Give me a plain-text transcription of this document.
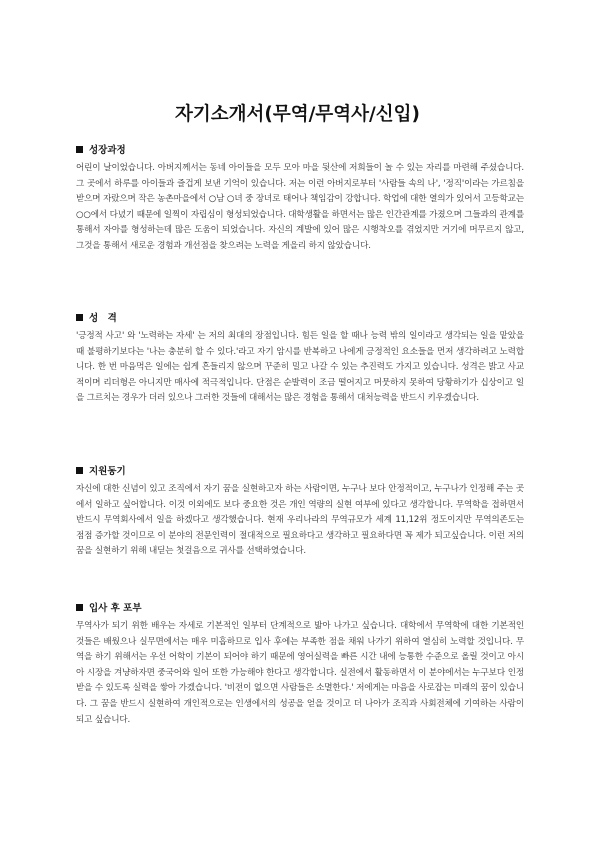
자기소개서(무역/무역사/신입)
성장과정
어린이 날이었습니다. 아버지께서는 동네 아이들을 모두 모아 마을 뒷산에 저희들이 놀 수 있는 자리를 마련해 주셨습니다. 그 곳에서 하루를 아이들과 즐겁게 보낸 기억이 있습니다. 저는 이런 아버지로부터 '사람들 속의 나', '정직'이라는 가르침을 받으며 자랐으며 작은 농촌마을에서 ○남 ○녀 중 장녀로 태어나 책임감이 강합니다. 학업에 대한 열의가 있어서 고등학교는 ○○에서 다녔기 때문에 일찍이 자립심이 형성되었습니다. 대학생활을 하면서는 많은 인간관계를 가졌으며 그들과의 관계를 통해서 자아를 형성하는데 많은 도움이 되었습니다. 자신의 계발에 있어 많은 시행착오를 겪었지만 거기에 머무르지 않고, 그것을 통해서 새로운 경험과 개선점을 찾으려는 노력을 게을리 하지 않았습니다.
성　격
'긍정적 사고' 와 '노력하는 자세' 는 저의 최대의 장점입니다. 힘든 일을 할 때나 능력 밖의 일이라고 생각되는 일을 맡았을 때 불평하기보다는 '나는 충분히 할 수 있다.'라고 자기 암시를 반복하고 나에게 긍정적인 요소들을 먼저 생각하려고 노력합니다. 한 번 마음먹은 일에는 쉽게 흔들리지 않으며 꾸준히 밀고 나갈 수 있는 추진력도 가지고 있습니다. 성격은 밝고 사교적이며 리더형은 아니지만 매사에 적극적입니다. 단점은 순발력이 조금 떨어지고 머뭇하지 못하여 당황하기가 십상이고 일을 그르치는 경우가 더러 있으나 그러한 것들에 대해서는 많은 경험을 통해서 대처능력을 반드시 키우겠습니다.
지원동기
자신에 대한 신념이 있고 조직에서 자기 꿈을 실현하고자 하는 사람이면, 누구나 보다 안정적이고, 누구나가 인정해 주는 곳에서 일하고 싶어합니다. 이것 이외에도 보다 중요한 것은 개인 역량의 실현 여부에 있다고 생각합니다. 무역학을 접하면서 반드시 무역회사에서 일을 하겠다고 생각했습니다. 현재 우리나라의 무역규모가 세계 11,12위 정도이지만 무역의존도는 점점 증가할 것이므로 이 분야의 전문인력이 절대적으로 필요하다고 생각하고 필요하다면 꼭 제가 되고싶습니다. 이런 저의 꿈을 실현하기 위해 내딛는 첫걸음으로 귀사를 선택하였습니다.
입사 후 포부
무역사가 되기 위한 배우는 자세로 기본적인 일부터 단계적으로 밟아 나가고 싶습니다. 대학에서 무역학에 대한 기본적인 것들은 배웠으나 실무면에서는 매우 미흡하므로 입사 후에는 부족한 점을 채워 나가기 위하여 열심히 노력할 것입니다. 무역을 하기 위해서는 우선 어학이 기본이 되어야 하기 때문에 영어실력을 빠른 시간 내에 능통한 수준으로 올릴 것이고 아시아 시장을 겨냥하자면 중국어와 일어 또한 가능해야 한다고 생각합니다. 실전에서 활동하면서 이 분야에서는 누구보다 인정받을 수 있도록 실력을 쌓아 가겠습니다. '비전이 없으면 사람들은 소멸한다.' 저에게는 마음을 사로잡는 미래의 꿈이 있습니다. 그 꿈을 반드시 실현하여 개인적으로는 인생에서의 성공을 얻을 것이고 더 나아가 조직과 사회전체에 기여하는 사람이 되고 싶습니다.
